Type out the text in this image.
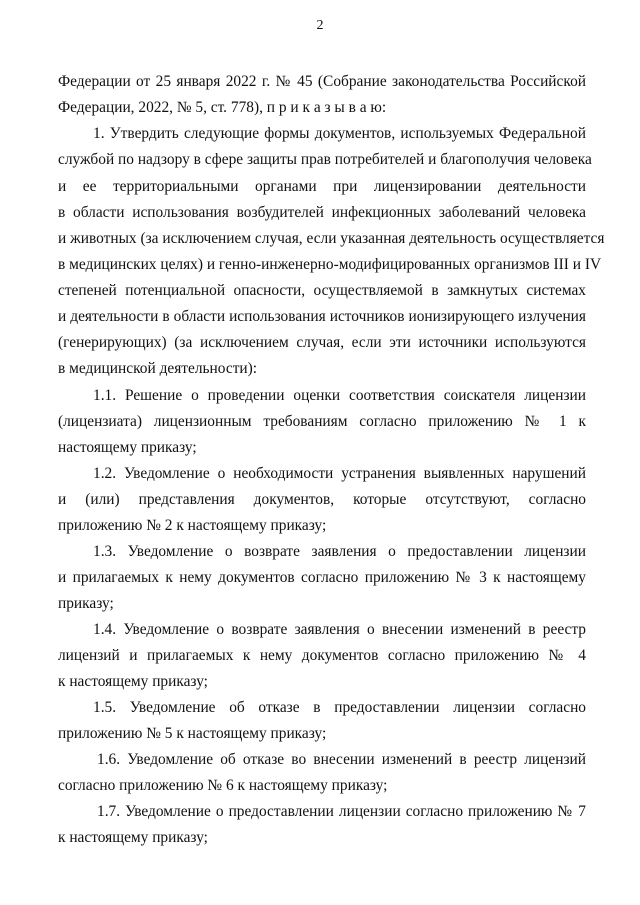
2
Федерации от 25 января 2022 г. № 45 (Собрание законодательства Российской
Федерации, 2022, № 5, ст. 778), п р и к а з ы в а ю:
1. Утвердить следующие формы документов, используемых Федеральной
службой по надзору в сфере защиты прав потребителей и благополучия человека
и ее территориальными органами при лицензировании деятельности
в области использования возбудителей инфекционных заболеваний человека
и животных (за исключением случая, если указанная деятельность осуществляется
в медицинских целях) и генно-инженерно-модифицированных организмов III и IV
степеней потенциальной опасности, осуществляемой в замкнутых системах
и деятельности в области использования источников ионизирующего излучения
(генерирующих) (за исключением случая, если эти источники используются
в медицинской деятельности):
1.1. Решение о проведении оценки соответствия соискателя лицензии
(лицензиата) лицензионным требованиям согласно приложению № 1 к
настоящему приказу;
1.2. Уведомление о необходимости устранения выявленных нарушений
и (или) представления документов, которые отсутствуют, согласно
приложению № 2 к настоящему приказу;
1.3. Уведомление о возврате заявления о предоставлении лицензии
и прилагаемых к нему документов согласно приложению № 3 к настоящему
приказу;
1.4. Уведомление о возврате заявления о внесении изменений в реестр
лицензий и прилагаемых к нему документов согласно приложению № 4
к настоящему приказу;
1.5. Уведомление об отказе в предоставлении лицензии согласно
приложению № 5 к настоящему приказу;
1.6. Уведомление об отказе во внесении изменений в реестр лицензий
согласно приложению № 6 к настоящему приказу;
1.7. Уведомление о предоставлении лицензии согласно приложению № 7
к настоящему приказу;
